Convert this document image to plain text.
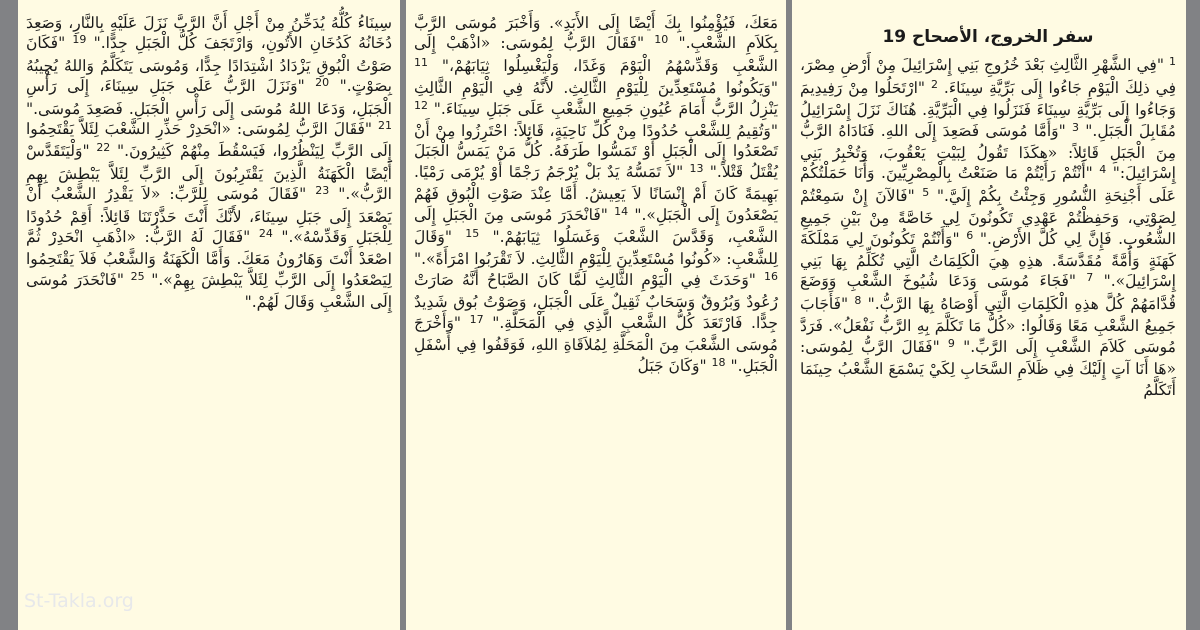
سفر الخروج، الأصحاح 19
$^1$ "فِي الشَّهْرِ الثَّالِثِ بَعْدَ خُرُوجِ بَنِي إِسْرَائِيلَ مِنْ أَرْضِ مِصْرَ، فِي ذلِكَ الْيَوْمِ جَاءُوا إِلَى بَرِّيَّةِ سِينَاءَ. $^2$ "ارْتَحَلُوا مِنْ رَفِيدِيمَ وَجَاءُوا إِلَى بَرِّيَّةِ سِينَاءَ فَنَزَلُوا فِي الْبَرِّيَّةِ. هُنَاكَ نَزَلَ إِسْرَائِيلُ مُقَابِلَ الْجَبَلِ." $^3$ "وَأَمَّا مُوسَى فَصَعِدَ إِلَى اللهِ. فَنَادَاهُ الرَّبُّ مِنَ الْجَبَلِ قَائِلاً: «هكَذَا تَقُولُ لِبَيْتِ يَعْقُوبَ، وَتُخْبِرُ بَنِي إِسْرَائِيلَ:" $^4$ "أَنْتُمْ رَأَيْتُمْ مَا صَنَعْتُ بِالْمِصْرِيِّينَ. وَأَنَا حَمَلْتُكُمْ عَلَى أَجْنِحَةِ النُّسُورِ وَجِئْتُ بِكُمْ إِلَيَّ." $^5$ "فَالآنَ إِنْ سَمِعْتُمْ لِصَوْتِي، وَحَفِظْتُمْ عَهْدِي تَكُونُونَ لِي خَاصَّةً مِنْ بَيْنِ جَمِيعِ الشُّعُوبِ. فَإِنَّ لِي كُلَّ الأَرْضِ." $^6$ "وَأَنْتُمْ تَكُونُونَ لِي مَمْلَكَةَ كَهَنَةٍ وَأُمَّةً مُقَدَّسَةً. هذِهِ هِيَ الْكَلِمَاتُ الَّتِي تُكَلِّمُ بِهَا بَنِي إِسْرَائِيلَ»." $^7$ "فَجَاءَ مُوسَى وَدَعَا شُيُوخَ الشَّعْبِ وَوَضَعَ قُدَّامَهُمْ كُلَّ هذِهِ الْكَلِمَاتِ الَّتِي أَوْصَاهُ بِهَا الرَّبُّ." $^8$ "فَأَجَابَ جَمِيعُ الشَّعْبِ مَعًا وَقَالُوا: «كُلُّ مَا تَكَلَّمَ بِهِ الرَّبُّ نَفْعَلُ». فَرَدَّ مُوسَى كَلاَمَ الشَّعْبِ إِلَى الرَّبِّ." $^9$ "فَقَالَ الرَّبُّ لِمُوسَى: «هَا أَنَا آتٍ إِلَيْكَ فِي ظَلاَمِ السَّحَابِ لِكَيْ يَسْمَعَ الشَّعْبُ حِينَمَا أَتَكَلَّمُ
مَعَكَ، فَيُؤْمِنُوا بِكَ أَيْضًا إِلَى الأَبَدِ». وَأَخْبَرَ مُوسَى الرَّبَّ بِكَلاَمِ الشَّعْبِ." $^{10}$ "فَقَالَ الرَّبُّ لِمُوسَى: «اذْهَبْ إِلَى الشَّعْبِ وَقَدِّسْهُمُ الْيَوْمَ وَغَدًا، وَلْيَغْسِلُوا ثِيَابَهُمْ،" $^{11}$ "وَيَكُونُوا مُسْتَعِدِّينَ لِلْيَوْمِ الثَّالِثِ. لأَنَّهُ فِي الْيَوْمِ الثَّالِثِ يَنْزِلُ الرَّبُّ أَمَامَ عُيُونِ جَمِيعِ الشَّعْبِ عَلَى جَبَلِ سِينَاءَ." $^{12}$ "وَتُقِيمُ لِلشَّعْبِ حُدُودًا مِنْ كُلِّ نَاحِيَةٍ، قَائِلاً: احْتَرِزُوا مِنْ أَنْ تَصْعَدُوا إِلَى الْجَبَلِ أَوْ تَمَسُّوا طَرَفَهُ. كُلُّ مَنْ يَمَسُّ الْجَبَلَ يُقْتَلُ قَتْلاً." $^{13}$ "لاَ تَمَسُّهُ يَدٌ بَلْ يُرْجَمُ رَجْمًا أَوْ يُرْمَى رَمْيًا. بَهِيمَةً كَانَ أَمْ إِنْسَانًا لاَ يَعِيشُ. أَمَّا عِنْدَ صَوْتِ الْبُوقِ فَهُمْ يَصْعَدُونَ إِلَى الْجَبَلِ»." $^{14}$ "فَانْحَدَرَ مُوسَى مِنَ الْجَبَلِ إِلَى الشَّعْبِ، وَقَدَّسَ الشَّعْبَ وَغَسَلُوا ثِيَابَهُمْ." $^{15}$ "وَقَالَ لِلشَّعْبِ: «كُونُوا مُسْتَعِدِّينَ لِلْيَوْمِ الثَّالِثِ. لاَ تَقْرَبُوا امْرَأَةً»." $^{16}$ "وَحَدَثَ فِي الْيَوْمِ الثَّالِثِ لَمَّا كَانَ الصَّبَاحُ أَنَّهُ صَارَتْ رُعُودٌ وَبُرُوقٌ وَسَحَابٌ ثَقِيلٌ عَلَى الْجَبَلِ، وَصَوْتُ بُوق شَدِيدٌ جِدًّا. فَارْتَعَدَ كُلُّ الشَّعْبِ الَّذِي فِي الْمَحَلَّةِ." $^{17}$ "وَأَخْرَجَ مُوسَى الشَّعْبَ مِنَ الْمَحَلَّةِ لِمُلاَقَاةِ اللهِ، فَوَقَفُوا فِي أَسْفَلِ الْجَبَلِ." $^{18}$ "وَكَانَ جَبَلُ
سِينَاءُ كُلُّهُ يُدَخِّنُ مِنْ أَجْلِ أَنَّ الرَّبَّ نَزَلَ عَلَيْهِ بِالنَّارِ، وَصَعِدَ دُخَانُهُ كَدُخَانِ الأَتُونِ، وَارْتَجَفَ كُلُّ الْجَبَلِ جِدًّا." $^{19}$ "فَكَانَ صَوْتُ الْبُوقِ يَزْدَادُ اشْتِدَادًا جِدًّا، وَمُوسَى يَتَكَلَّمُ وَاللهُ يُجِيبُهُ بِصَوْتٍ." $^{20}$ "وَنَزَلَ الرَّبُّ عَلَى جَبَلِ سِينَاءَ، إِلَى رَأْسِ الْجَبَلِ، وَدَعَا اللهُ مُوسَى إِلَى رَأْسِ الْجَبَلِ. فَصَعِدَ مُوسَى." $^{21}$ "فَقَالَ الرَّبُّ لِمُوسَى: «انْحَدِرْ حَذِّرِ الشَّعْبَ لِئَلاَّ يَقْتَحِمُوا إِلَى الرَّبِّ لِيَنْظُرُوا، فَيَسْقُطَ مِنْهُمْ كَثِيرُونَ." $^{22}$ "وَلْيَتَقَدَّسْ أَيْضًا الْكَهَنَةُ الَّذِينَ يَقْتَرِبُونَ إِلَى الرَّبِّ لِئَلاَّ يَبْطِشَ بِهِمِ الرَّبُّ»." $^{23}$ "فَقَالَ مُوسَى لِلرَّبِّ: «لاَ يَقْدِرُ الشَّعْبُ أَنْ يَصْعَدَ إِلَى جَبَلِ سِينَاءَ، لأَنَّكَ أَنْتَ حَذَّرْتَنَا قَائِلاً: أَقِمْ حُدُودًا لِلْجَبَلِ وَقَدِّسْهُ»." $^{24}$ "فَقَالَ لَهُ الرَّبُّ: «اذْهَبِ انْحَدِرْ ثُمَّ اصْعَدْ أَنْتَ وَهَارُونُ مَعَكَ. وَأَمَّا الْكَهَنَةُ وَالشَّعْبُ فَلاَ يَقْتَحِمُوا لِيَصْعَدُوا إِلَى الرَّبِّ لِئَلاَّ يَبْطِشَ بِهِمْ»." $^{25}$ "فَانْحَدَرَ مُوسَى إِلَى الشَّعْبِ وَقَالَ لَهُمْ."
St-Takla.org
